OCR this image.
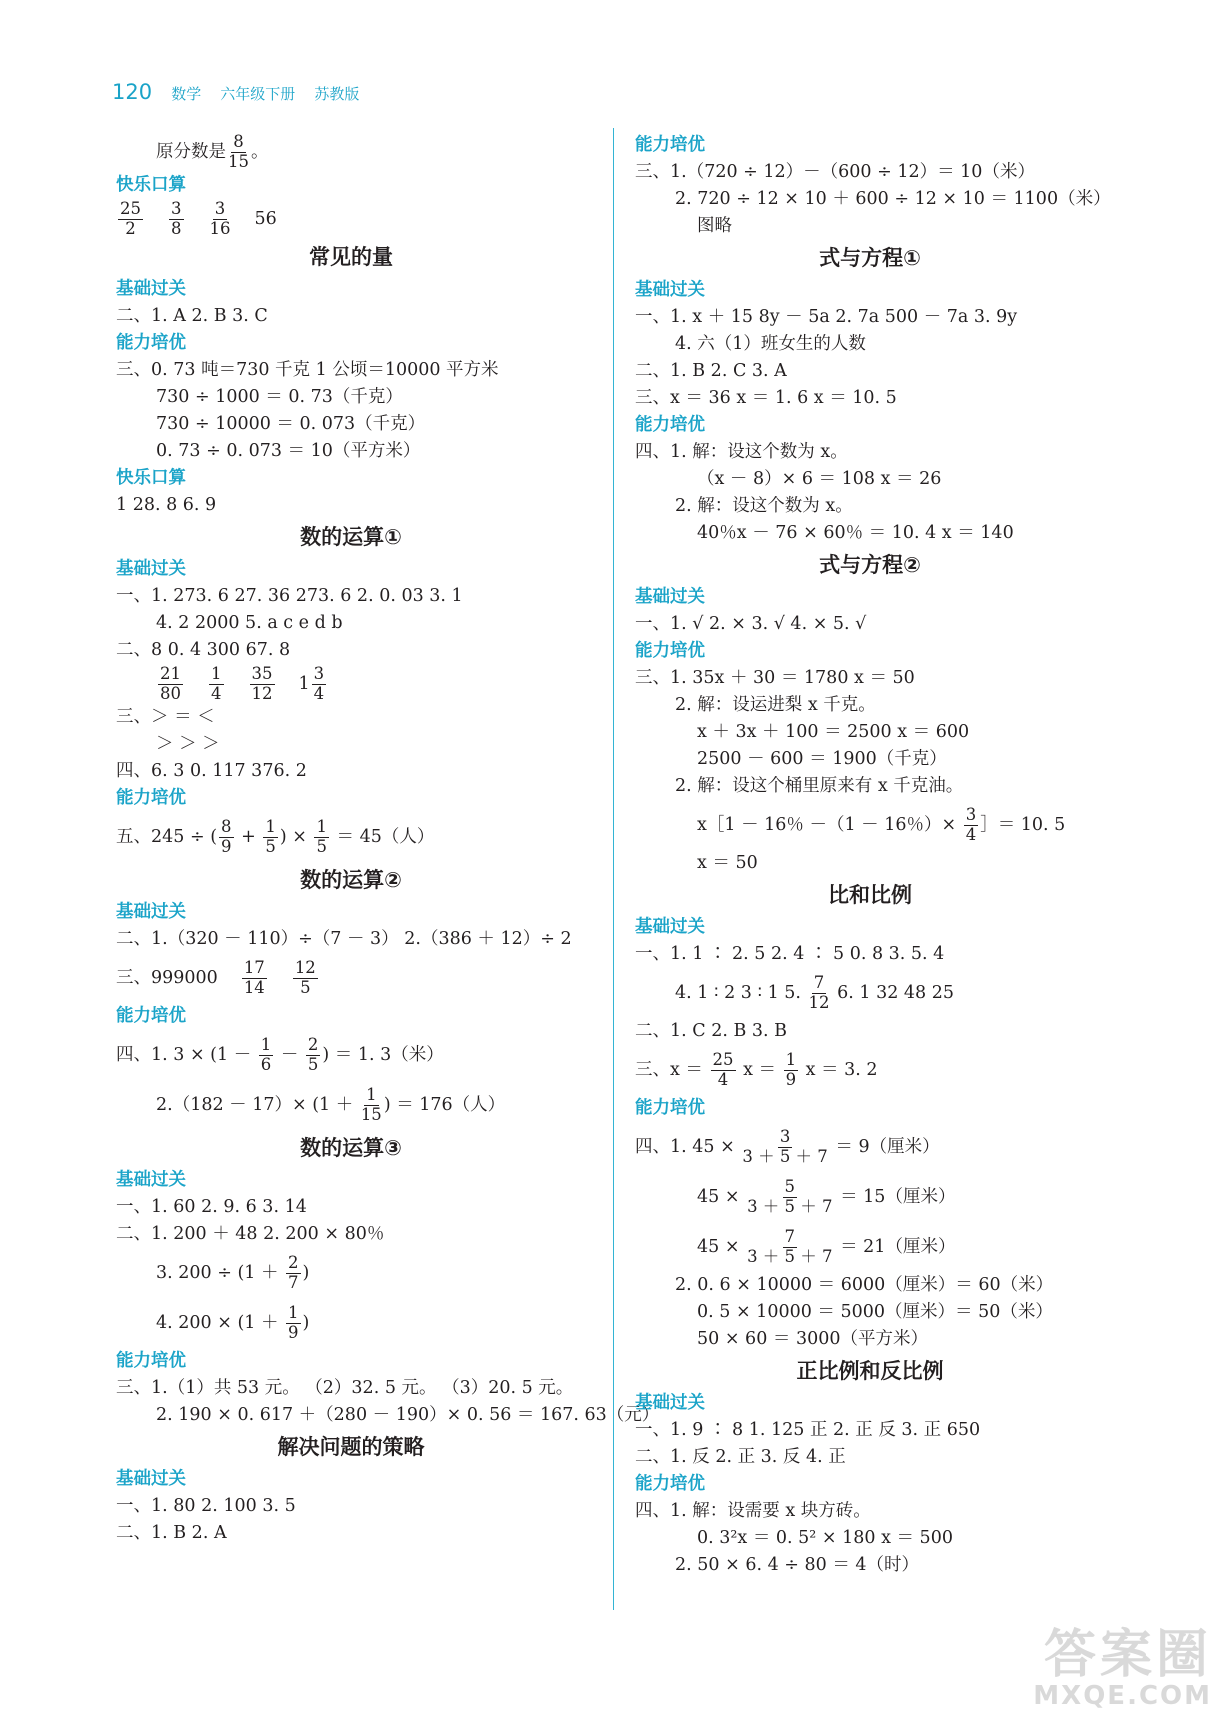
120 数学 六年级下册 苏教版
原分数是 $\frac{8}{15}$ 。
快乐口算
25
2
3
8
3
16 56
常见的量
基础过关
二、1. A 2. B 3. C
能力培优
三、0. 73 吨＝730 千克 1 公顷＝10000 平方米
730 ÷ 1000 ＝ 0. 73（千克）
730 ÷ 10000 ＝ 0. 073（千克）
0. 73 ÷ 0. 073 ＝ 10（平方米）
快乐口算
1 28. 8 6. 9
数的运算①
基础过关
一、1. 273. 6 27. 36 273. 6 2. 0. 03 3. 1
4. 2 2000 5. a c e d b
二、8 0. 4 300 67. 8
21
80
1
4
35
12 $1 \frac{3}{4}$
三、＞ ＝ ＜
＞ ＞ ＞
四、6. 3 0. 117 376. 2
能力培优
五、245 ÷ ( $\frac{8}{9} + \frac{1}{5}$ ) × $\frac{1}{5} = 45$（人）
数的运算②
基础过关
二、1.（320 － 110）÷（7 － 3） 2.（386 ＋ 12）÷ 2
三、999000
17
14
12
5
能力培优
四、1. $3 \times (1 - \frac{1}{6} - \frac{2}{5}$ ) ＝ 1. 3（米）
$2.(182 - 17)\times (1 + \frac{1}{15}$ ) ＝ 176（人）
数的运算③
基础过关
一、1. 60 2. 9. 6 3. 14
二、1. 200 ＋ 48 2. 200 × 80％
3. $200 \div (1 + \frac{2}{7}$ )
4. $200 \times (1 + \frac{1}{9}$ )
能力培优
三、1.（1）共 53 元。 （2）32. 5 元。 （3）20. 5 元。
2. 190 × 0. 617 ＋（280 － 190）× 0. 56 ＝ 167. 63（元）
解决问题的策略
基础过关
一、1. 80 2. 100 3. 5
二、1. B 2. A
能力培优
三、1.（720 ÷ 12）－（600 ÷ 12）＝ 10（米）
2. 720 ÷ 12 × 10 ＋ 600 ÷ 12 × 10 ＝ 1100（米）
图略
式与方程①
基础过关
一、1. x ＋ 15 8y － 5a 2. 7a 500 － 7a 3. 9y
4. 六（1）班女生的人数
二、1. B 2. C 3. A
三、x ＝ 36 x ＝ 1. 6 x ＝ 10. 5
能力培优
四、1. 解：设这个数为 x。
（x － 8）× 6 ＝ 108 x ＝ 26
2. 解：设这个数为 x。
40％x － 76 × 60％ ＝ 10. 4 x ＝ 140
式与方程②
基础过关
一、1. √ 2. × 3. √ 4. × 5. √
能力培优
三、1. 35x ＋ 30 ＝ 1780 x ＝ 50
2. 解：设运进梨 x 千克。
x ＋ 3x ＋ 100 ＝ 2500 x ＝ 600
2500 － 600 ＝ 1900（千克）
2. 解：设这个桶里原来有 x 千克油。
x［1 － 16％ －（1 － 16％）× $\frac{3}{4}$ ］＝ 10. 5
x ＝ 50
比和比例
基础过关
一、1. 1 ∶ 2. 5 2. 4 ∶ 5 0. 8 3. 5. 4
4. 1 ∶ 2 3 ∶ 1 5. $\frac{7}{12} 6$. 1 32 48 25
二、1. C 2. B 3. B
三、$x = \frac{25}{4}$ $x = \frac{1}{9}$ x ＝ 3. 2
能力培优
四、1. $45 \times \frac{3}{3 + 5 + 7} = 9$（厘米）
$45 \times \frac{5}{3 + 5 + 7} = 15$（厘米）
$45 \times \frac{7}{3 + 5 + 7} = 21$（厘米）
2. 0. 6 × 10000 ＝ 6000（厘米）＝ 60（米）
0. 5 × 10000 ＝ 5000（厘米）＝ 50（米）
50 × 60 ＝ 3000（平方米）
正比例和反比例
基础过关
一、1. 9 ∶ 8 1. 125 正 2. 正 反 3. 正 650
二、1. 反 2. 正 3. 反 4. 正
能力培优
四、1. 解：设需要 x 块方砖。
0. 3²x ＝ 0. 5² × 180 x ＝ 500
2. 50 × 6. 4 ÷ 80 ＝ 4（时）
答案圈
MXQE.COM
